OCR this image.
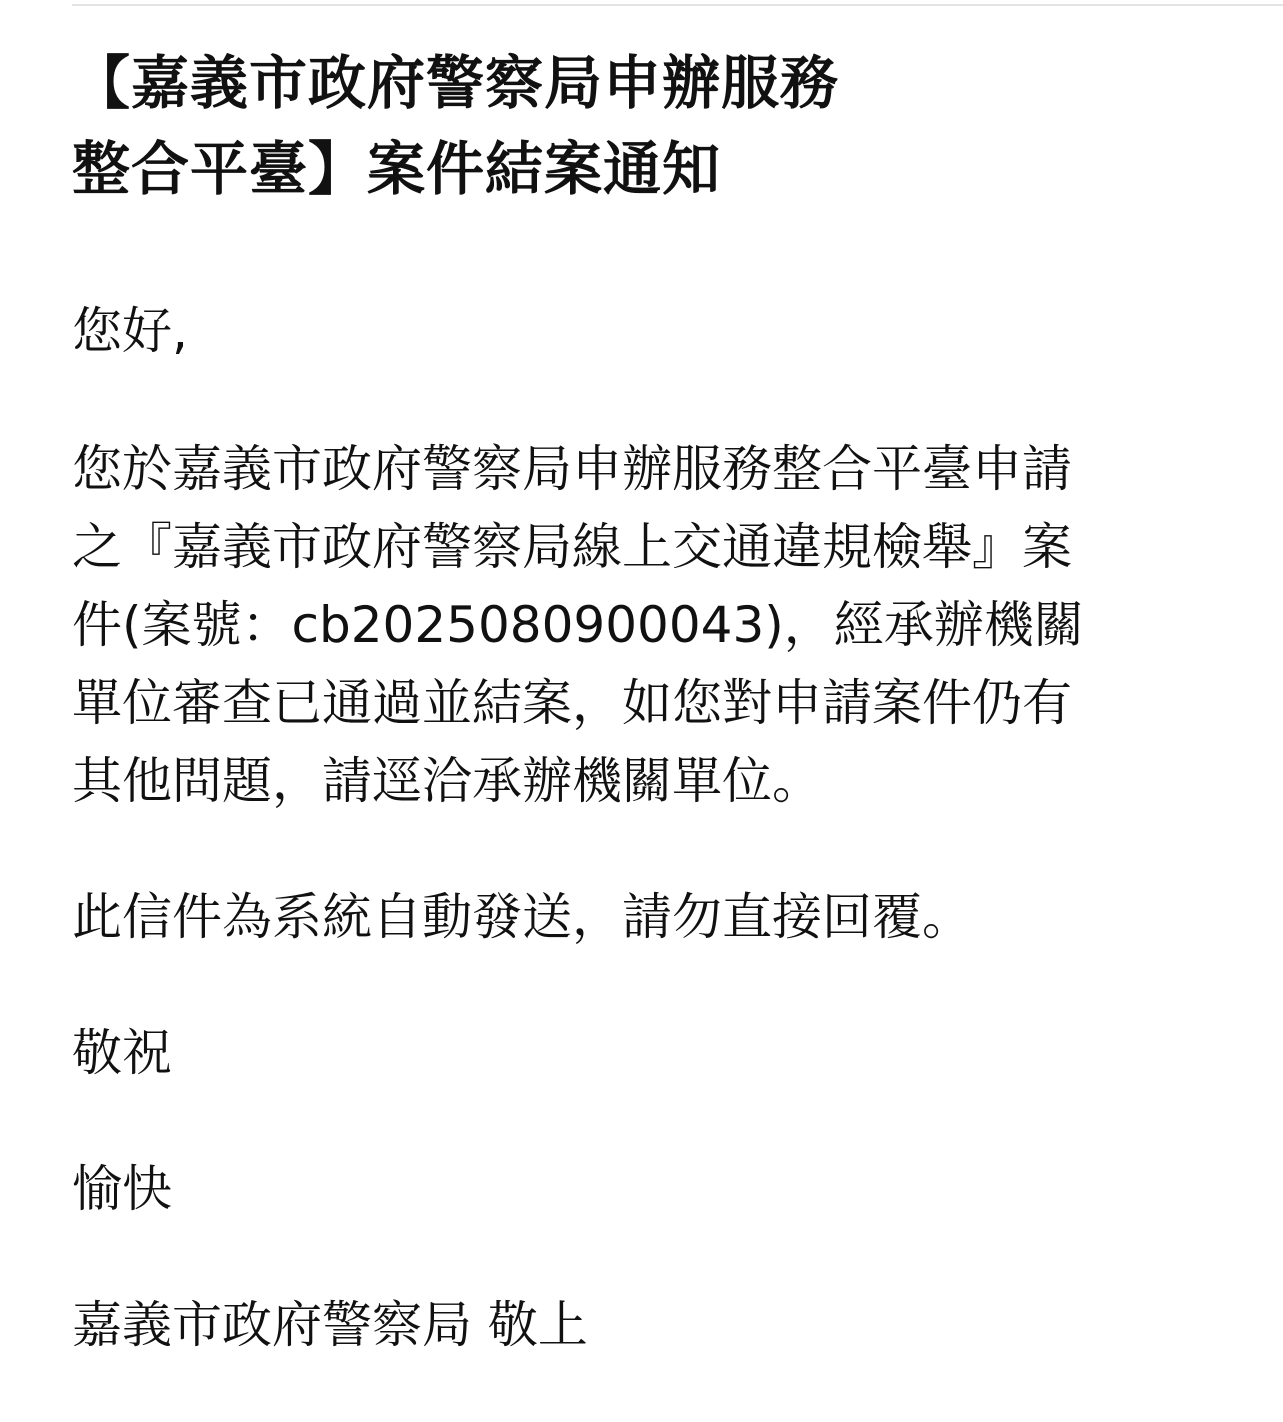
【嘉義市政府警察局申辦服務
整合平臺】案件結案通知

您好,

您於嘉義市政府警察局申辦服務整合平臺申請
之『嘉義市政府警察局線上交通違規檢舉』案
件(案號：cb2025080900043)，經承辦機關
單位審查已通過並結案，如您對申請案件仍有
其他問題，請逕洽承辦機關單位。

此信件為系統自動發送，請勿直接回覆。

敬祝

愉快

嘉義市政府警察局 敬上
